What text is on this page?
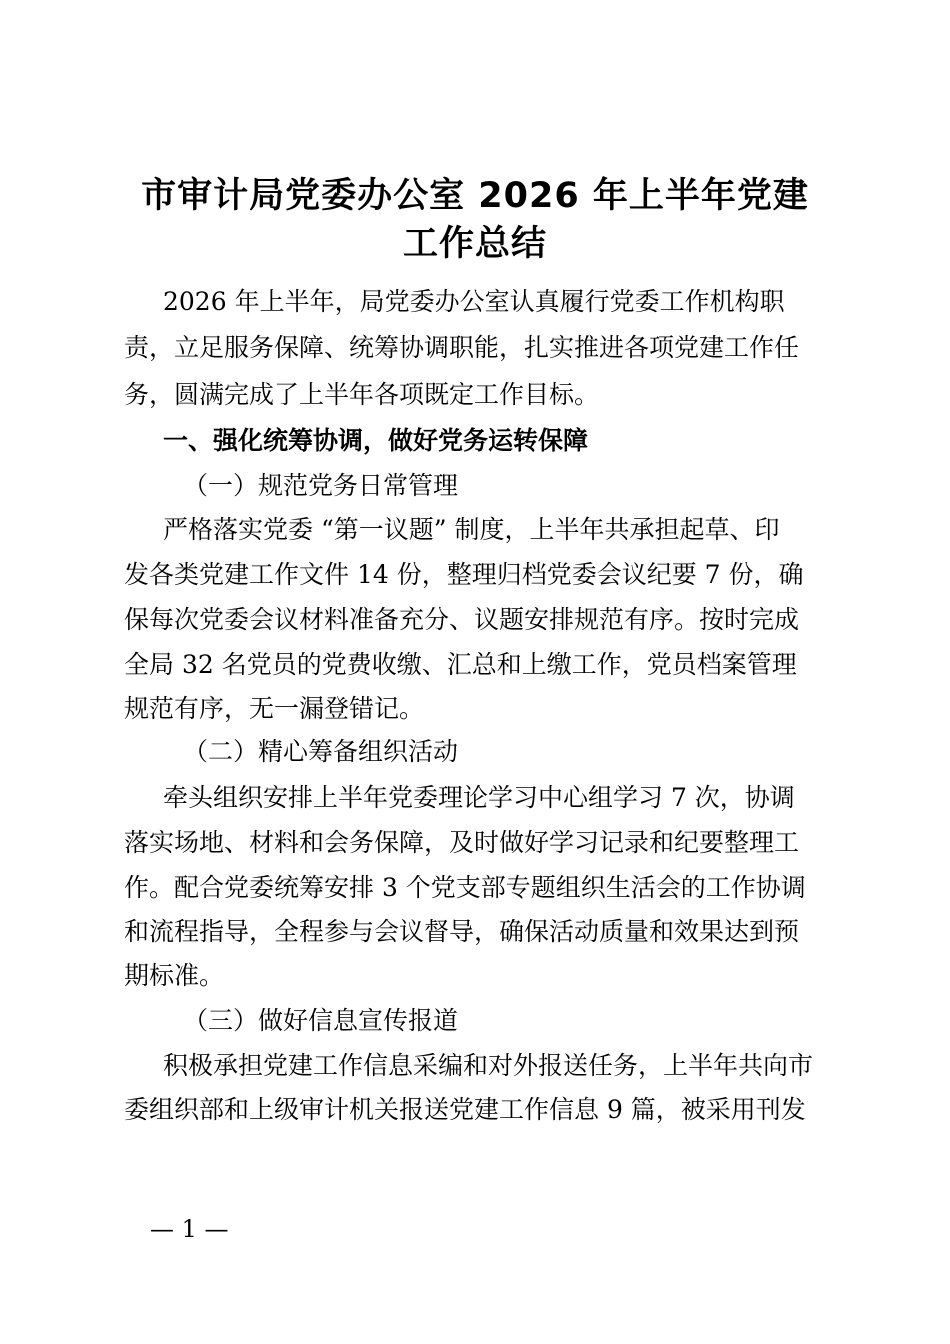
市审计局党委办公室 2026 年上半年党建
工作总结

2026 年上半年，局党委办公室认真履行党委工作机构职

责，立足服务保障、统筹协调职能，扎实推进各项党建工作任

务，圆满完成了上半年各项既定工作目标。

一、强化统筹协调，做好党务运转保障

（一）规范党务日常管理

严格落实党委 “第一议题” 制度，上半年共承担起草、印

发各类党建工作文件 14 份，整理归档党委会议纪要 7 份，确

保每次党委会议材料准备充分、议题安排规范有序。按时完成

全局 32 名党员的党费收缴、汇总和上缴工作，党员档案管理

规范有序，无一漏登错记。

（二）精心筹备组织活动

牵头组织安排上半年党委理论学习中心组学习 7 次，协调

落实场地、材料和会务保障，及时做好学习记录和纪要整理工

作。配合党委统筹安排 3 个党支部专题组织生活会的工作协调

和流程指导，全程参与会议督导，确保活动质量和效果达到预

期标准。

（三）做好信息宣传报道

积极承担党建工作信息采编和对外报送任务，上半年共向市

委组织部和上级审计机关报送党建工作信息 9 篇，被采用刊发

— 1 —
